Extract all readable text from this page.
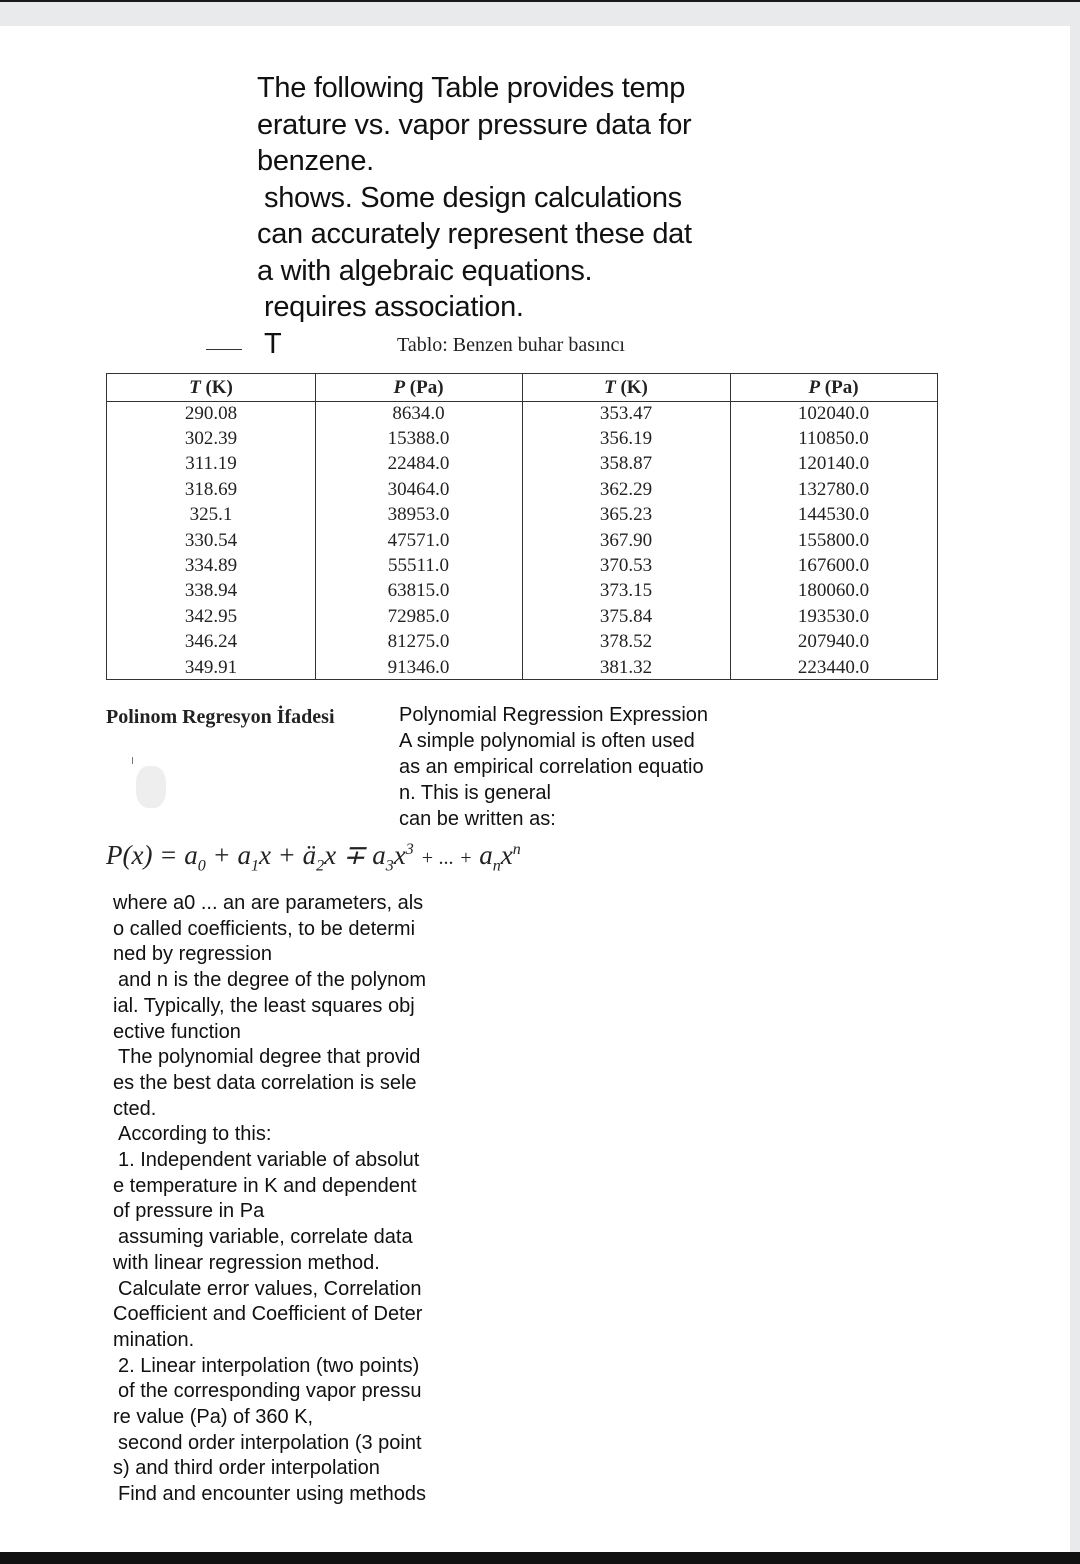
The following Table provides temp
erature vs. vapor pressure data for
benzene.
shows. Some design calculations
can accurately represent these dat
a with algebraic equations.
requires association.
T	Tablo: Benzen buhar basıncı
T (K)	P (Pa)	T (K)	P (Pa)
290.08	8634.0	353.47	102040.0
302.39	15388.0	356.19	110850.0
311.19	22484.0	358.87	120140.0
318.69	30464.0	362.29	132780.0
325.1	38953.0	365.23	144530.0
330.54	47571.0	367.90	155800.0
334.89	55511.0	370.53	167600.0
338.94	63815.0	373.15	180060.0
342.95	72985.0	375.84	193530.0
346.24	81275.0	378.52	207940.0
349.91	91346.0	381.32	223440.0
Polinom Regresyon İfadesi	Polynomial Regression Expression
A simple polynomial is often used
as an empirical correlation equatio
n. This is general
can be written as:
$P(x) = a_0 + a_1x$ + $ä_2x \mp a_3x^3$ + ... + $a_nx^n$
where a0 ... an are parameters, als
o called coefficients, to be determi
ned by regression
and n is the degree of the polynom
ial. Typically, the least squares obj
ective function
The polynomial degree that provid
es the best data correlation is sele
cted.
According to this:
1. Independent variable of absolut
e temperature in K and dependent
of pressure in Pa
assuming variable, correlate data
with linear regression method.
Calculate error values, Correlation
Coefficient and Coefficient of Deter
mination.
2. Linear interpolation (two points)
of the corresponding vapor pressu
re value (Pa) of 360 K,
second order interpolation (3 point
s) and third order interpolation
Find and encounter using methods
